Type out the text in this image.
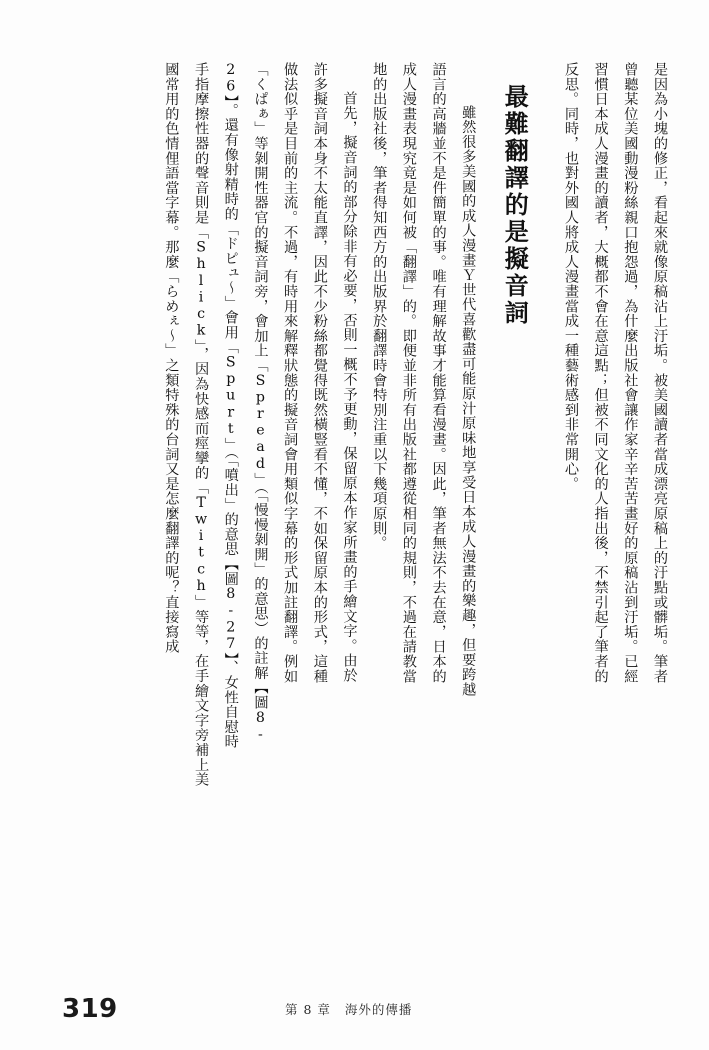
是因為小塊的修正，看起來就像原稿沾上汙垢。被美國讀者當成漂亮原稿上的汙點或髒垢。筆者
曾聽某位美國動漫粉絲親口抱怨過，為什麼出版社會讓作家辛辛苦苦畫好的原稿沾到汙垢。已經
習慣日本成人漫畫的讀者，大概都不會在意這點；但被不同文化的人指出後，不禁引起了筆者的
反思。同時，也對外國人將成人漫畫當成一種藝術感到非常開心。
最難翻譯的是擬音詞
　雖然很多美國的成人漫畫Ｙ世代喜歡盡可能原汁原味地享受日本成人漫畫的樂趣，但要跨越
語言的高牆並不是件簡單的事。唯有理解故事才能算看漫畫。因此，筆者無法不去在意，日本的
成人漫畫表現究竟是如何被「翻譯」的。即便並非所有出版社都遵從相同的規則，不過在請教當
地的出版社後，筆者得知西方的出版界於翻譯時會特別注重以下幾項原則。
　首先，擬音詞的部分除非有必要，否則一概不予更動，保留原本作家所畫的手繪文字。由於
許多擬音詞本身不太能直譯，因此不少粉絲都覺得既然橫豎看不懂，不如保留原本的形式，這種
做法似乎是目前的主流。不過，有時用來解釋狀態的擬音詞會用類似字幕的形式加註翻譯。例如
「くぱぁ」等剝開性器官的擬音詞旁，會加上「Spread」（「慢慢剝開」的意思）的註解【圖8-
26】。還有像射精時的「ドピュ～」會用「Spurt」（「噴出」的意思【圖8-27】、女性自慰時
手指摩擦性器的聲音則是「Shlick」，因為快感而痙攣的「Twitch」等等，在手繪文字旁補上美
國常用的色情俚語當字幕。那麼「らめぇ～」之類特殊的台詞又是怎麼翻譯的呢？直接寫成
319	第 8 章 海外的傳播
